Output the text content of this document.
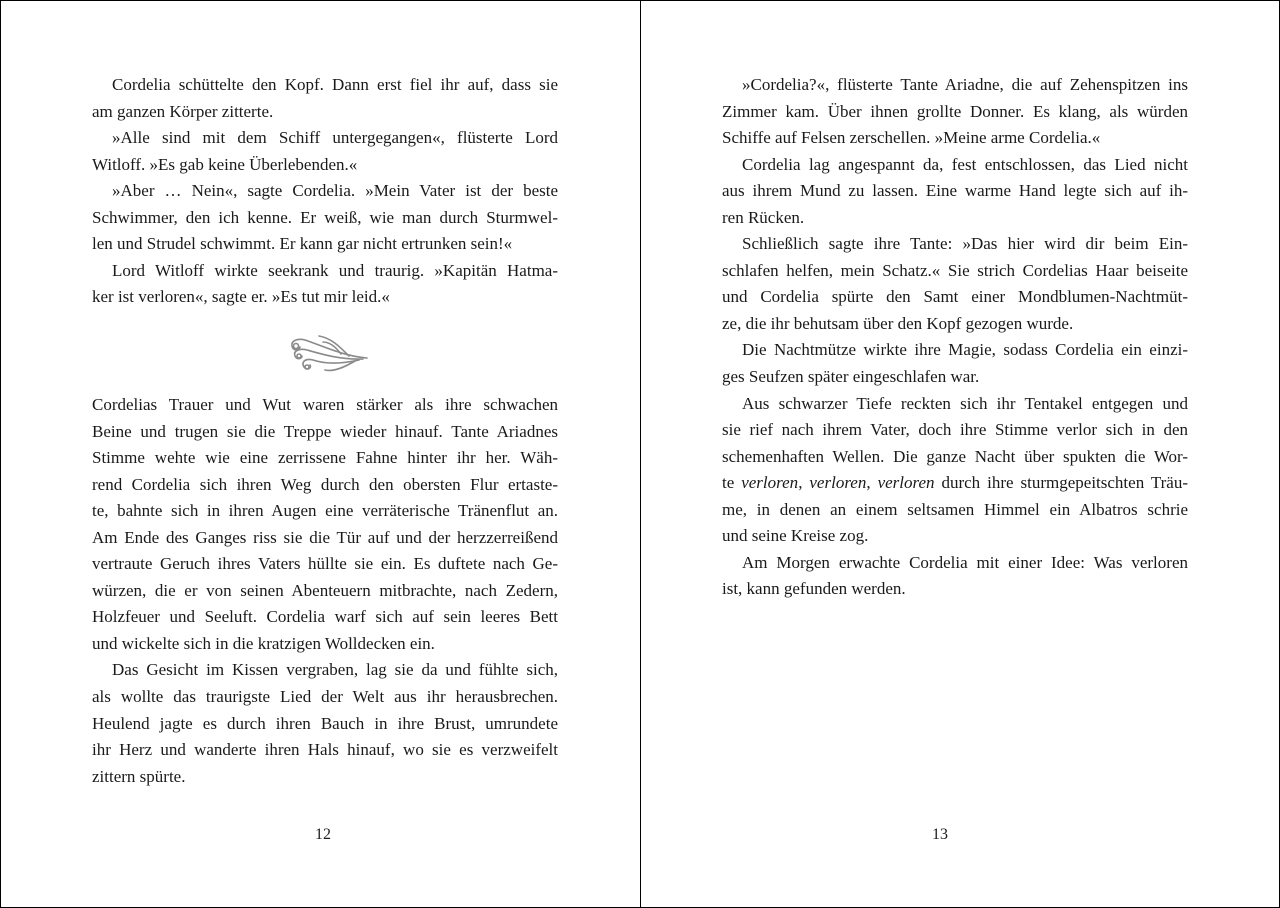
Cordelia schüttelte den Kopf. Dann erst fiel ihr auf, dass sie
am ganzen Körper zitterte.
»Alle sind mit dem Schiff untergegangen«, flüsterte Lord
Witloff. »Es gab keine Überlebenden.«
»Aber … Nein«, sagte Cordelia. »Mein Vater ist der beste
Schwimmer, den ich kenne. Er weiß, wie man durch Sturmwel-
len und Strudel schwimmt. Er kann gar nicht ertrunken sein!«
Lord Witloff wirkte seekrank und traurig. »Kapitän Hatma-
ker ist verloren«, sagte er. »Es tut mir leid.«
Cordelias Trauer und Wut waren stärker als ihre schwachen
Beine und trugen sie die Treppe wieder hinauf. Tante Ariadnes
Stimme wehte wie eine zerrissene Fahne hinter ihr her. Wäh-
rend Cordelia sich ihren Weg durch den obersten Flur ertaste-
te, bahnte sich in ihren Augen eine verräterische Tränenflut an.
Am Ende des Ganges riss sie die Tür auf und der herzzerreißend
vertraute Geruch ihres Vaters hüllte sie ein. Es duftete nach Ge-
würzen, die er von seinen Abenteuern mitbrachte, nach Zedern,
Holzfeuer und Seeluft. Cordelia warf sich auf sein leeres Bett
und wickelte sich in die kratzigen Wolldecken ein.
Das Gesicht im Kissen vergraben, lag sie da und fühlte sich,
als wollte das traurigste Lied der Welt aus ihr herausbrechen.
Heulend jagte es durch ihren Bauch in ihre Brust, umrundete
ihr Herz und wanderte ihren Hals hinauf, wo sie es verzweifelt
zittern spürte.
12
»Cordelia?«, flüsterte Tante Ariadne, die auf Zehenspitzen ins
Zimmer kam. Über ihnen grollte Donner. Es klang, als würden
Schiffe auf Felsen zerschellen. »Meine arme Cordelia.«
Cordelia lag angespannt da, fest entschlossen, das Lied nicht
aus ihrem Mund zu lassen. Eine warme Hand legte sich auf ih-
ren Rücken.
Schließlich sagte ihre Tante: »Das hier wird dir beim Ein-
schlafen helfen, mein Schatz.« Sie strich Cordelias Haar beiseite
und Cordelia spürte den Samt einer Mondblumen-Nachtmüt-
ze, die ihr behutsam über den Kopf gezogen wurde.
Die Nachtmütze wirkte ihre Magie, sodass Cordelia ein einzi-
ges Seufzen später eingeschlafen war.
Aus schwarzer Tiefe reckten sich ihr Tentakel entgegen und
sie rief nach ihrem Vater, doch ihre Stimme verlor sich in den
schemenhaften Wellen. Die ganze Nacht über spukten die Wor-
te verloren, verloren, verloren durch ihre sturmgepeitschten Träu-
me, in denen an einem seltsamen Himmel ein Albatros schrie
und seine Kreise zog.
Am Morgen erwachte Cordelia mit einer Idee: Was verloren
ist, kann gefunden werden.
13
